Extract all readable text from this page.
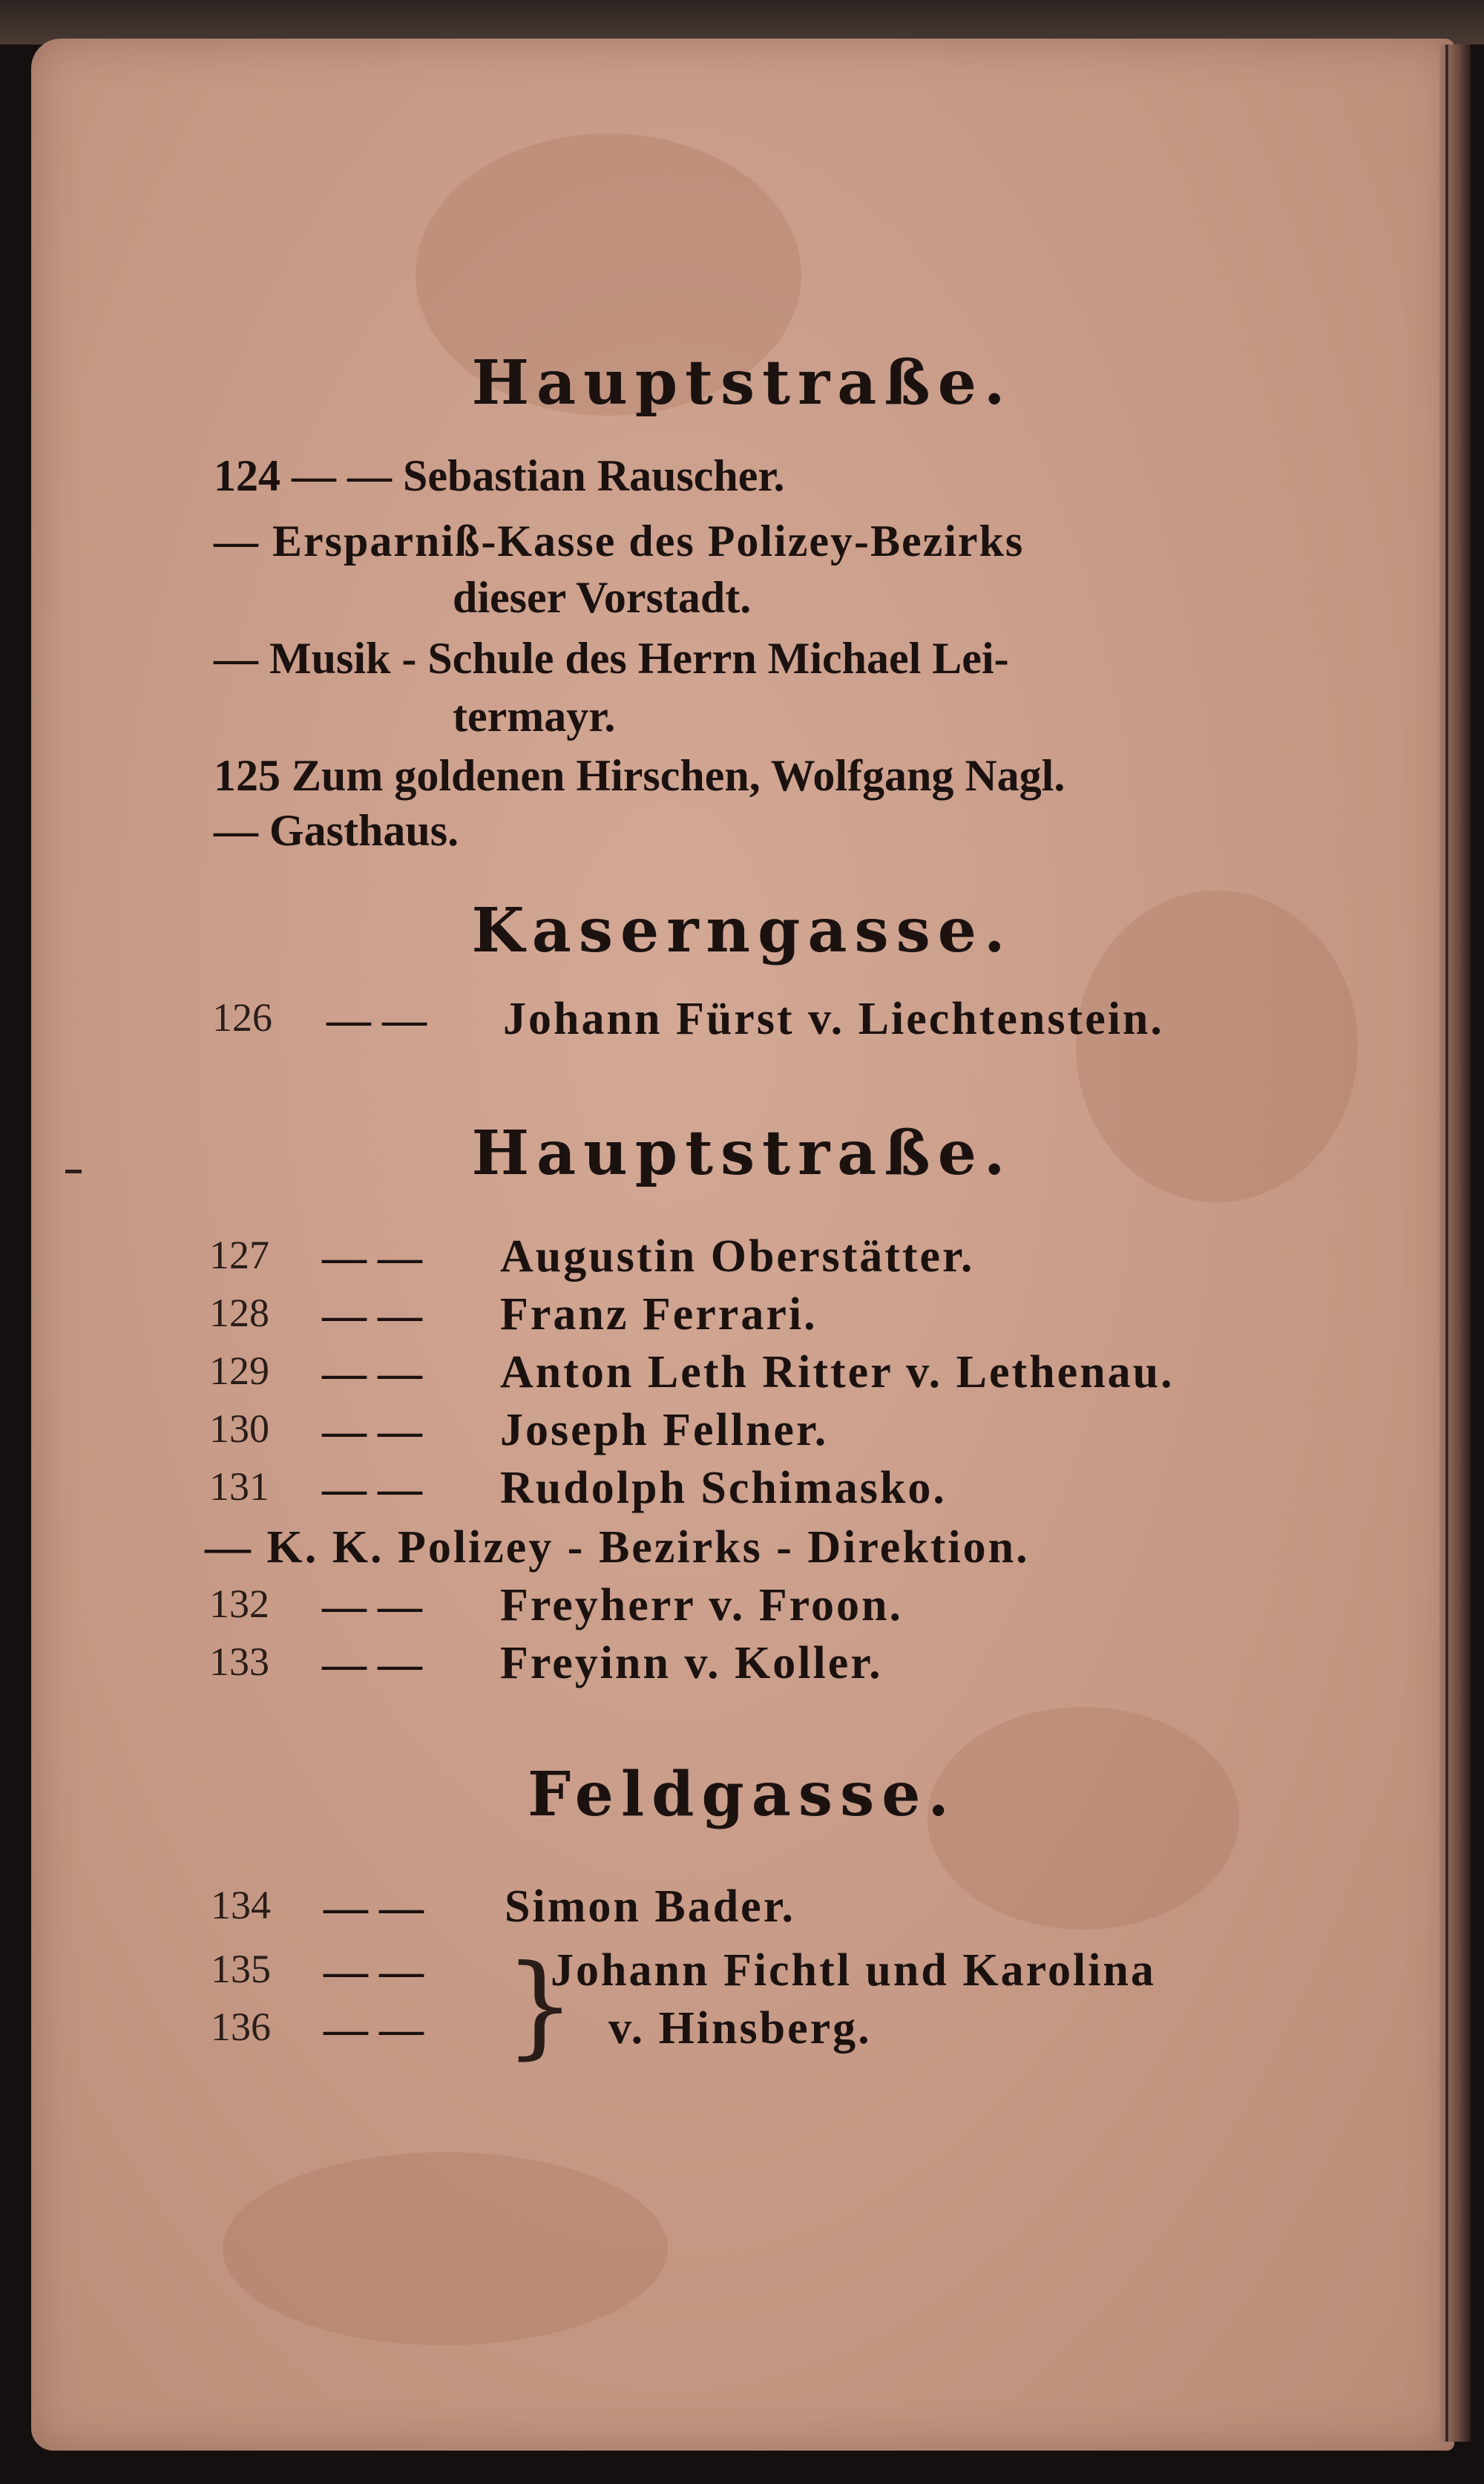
Hauptstraße.
124 — — Sebastian Rauscher.
— Ersparniß-Kasse des Polizey-Bezirks
dieser Vorstadt.
— Musik - Schule des Herrn Michael Lei-
termayr.
125 Zum goldenen Hirschen, Wolfgang Nagl.
— Gasthaus.
Kaserngasse.
126 — — Johann Fürst v. Liechtenstein.
Hauptstraße.
127 — — Augustin Oberstätter.
128 — — Franz Ferrari.
129 — — Anton Leth Ritter v. Lethenau.
130 — — Joseph Fellner.
131 — — Rudolph Schimasko.
— K. K. Polizey - Bezirks - Direktion.
132 — — Freyherr v. Froon.
133 — — Freyinn v. Koller.
Feldgasse.
134 — — Simon Bader.
135 — — }
Johann Fichtl und Karolina
136 — —	v. Hinsberg.
